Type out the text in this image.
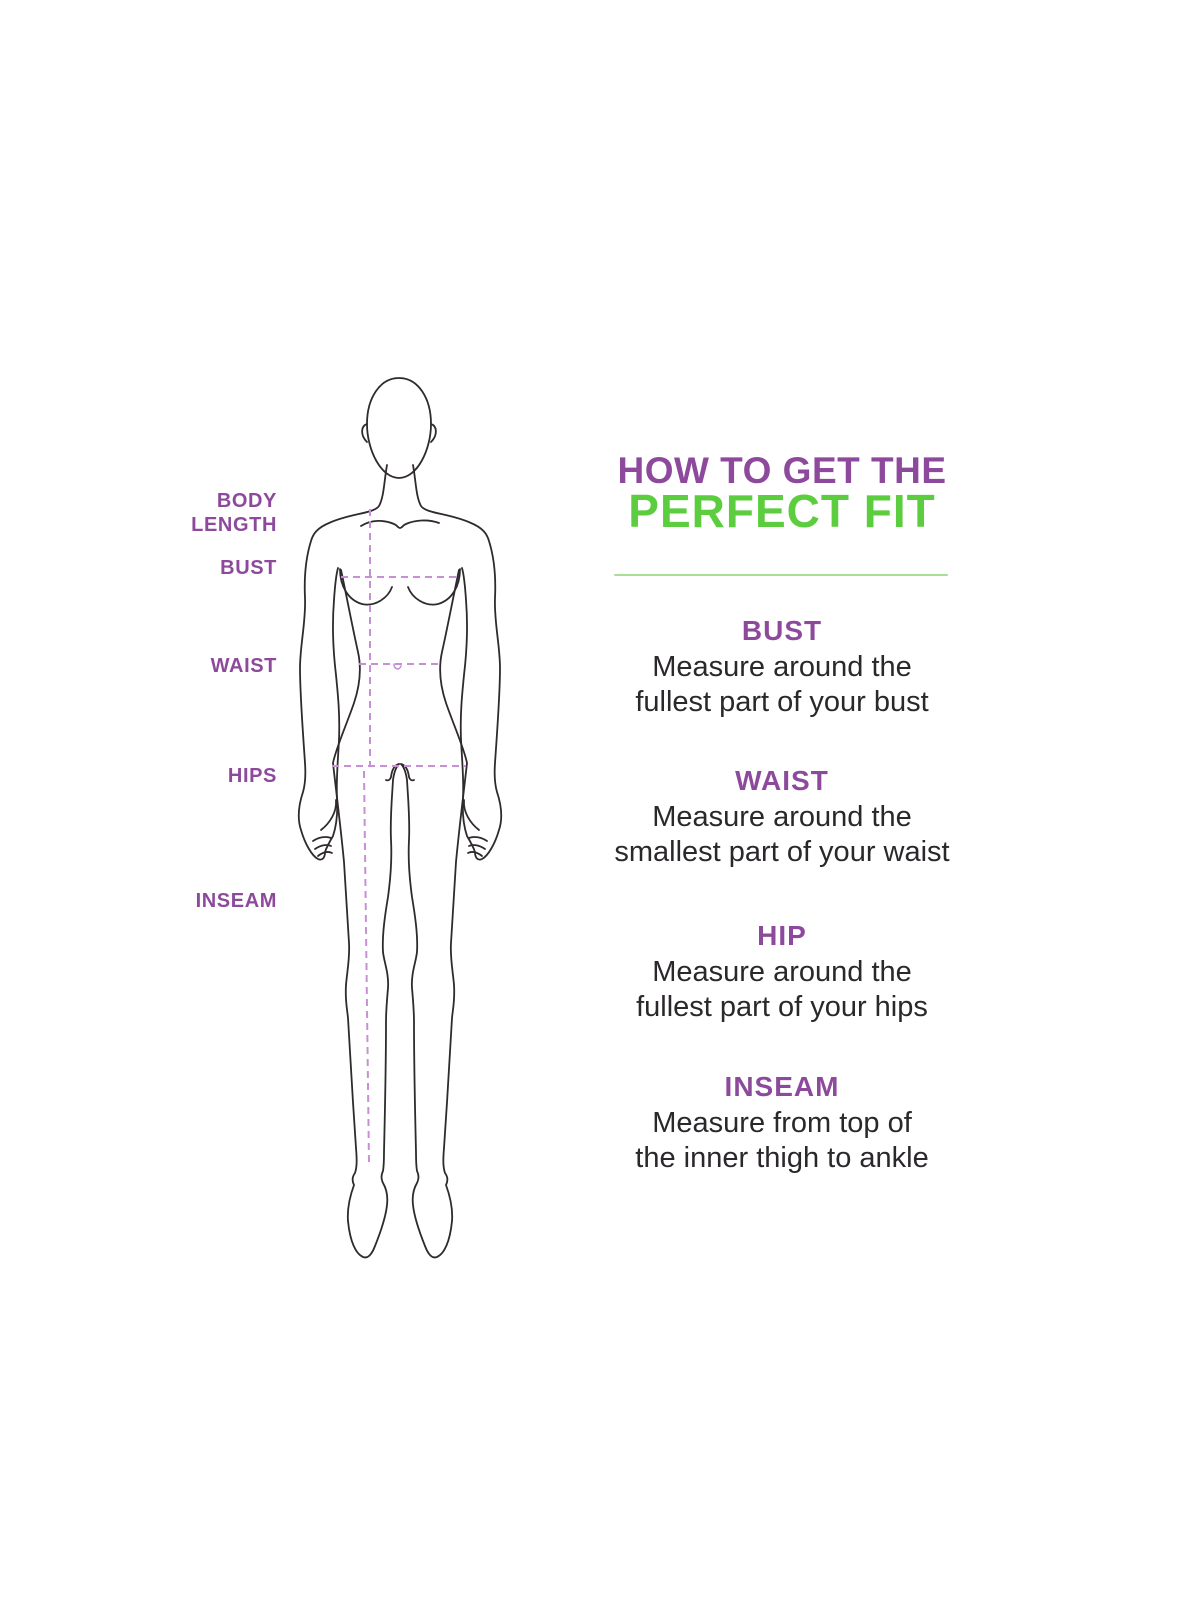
BODY
LENGTH
BUST
WAIST
HIPS
INSEAM
HOW TO GET THE
PERFECT FIT
BUST
Measure around the
fullest part of your bust
WAIST
Measure around the
smallest part of your waist
HIP
Measure around the
fullest part of your hips
INSEAM
Measure from top of
the inner thigh to ankle
